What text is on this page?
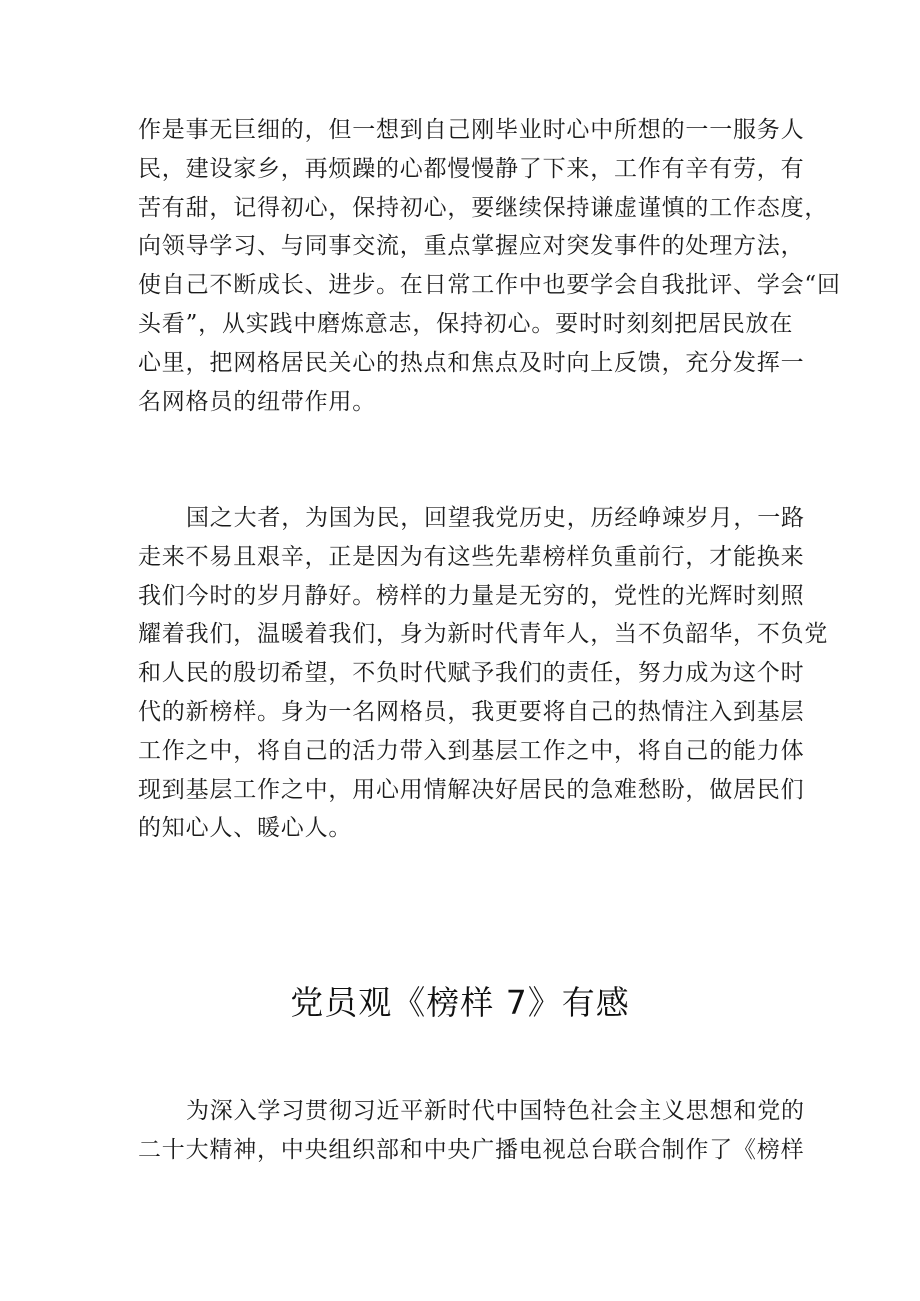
作是事无巨细的，但一想到自己刚毕业时心中所想的一一服务人
民，建设家乡，再烦躁的心都慢慢静了下来，工作有辛有劳，有
苦有甜，记得初心，保持初心，要继续保持谦虚谨慎的工作态度，
向领导学习、与同事交流，重点掌握应对突发事件的处理方法，
使自己不断成长、进步。在日常工作中也要学会自我批评、学会“回
头看”，从实践中磨炼意志，保持初心。要时时刻刻把居民放在
心里，把网格居民关心的热点和焦点及时向上反馈，充分发挥一
名网格员的纽带作用。
国之大者，为国为民，回望我党历史，历经峥竦岁月，一路
走来不易且艰辛，正是因为有这些先辈榜样负重前行，才能换来
我们今时的岁月静好。榜样的力量是无穷的，党性的光辉时刻照
耀着我们，温暖着我们，身为新时代青年人，当不负韶华，不负党
和人民的殷切希望，不负时代赋予我们的责任，努力成为这个时
代的新榜样。身为一名网格员，我更要将自己的热情注入到基层
工作之中，将自己的活力带入到基层工作之中，将自己的能力体
现到基层工作之中，用心用情解决好居民的急难愁盼，做居民们
的知心人、暖心人。
党员观《榜样 7》有感
为深入学习贯彻习近平新时代中国特色社会主义思想和党的
二十大精神，中央组织部和中央广播电视总台联合制作了《榜样
